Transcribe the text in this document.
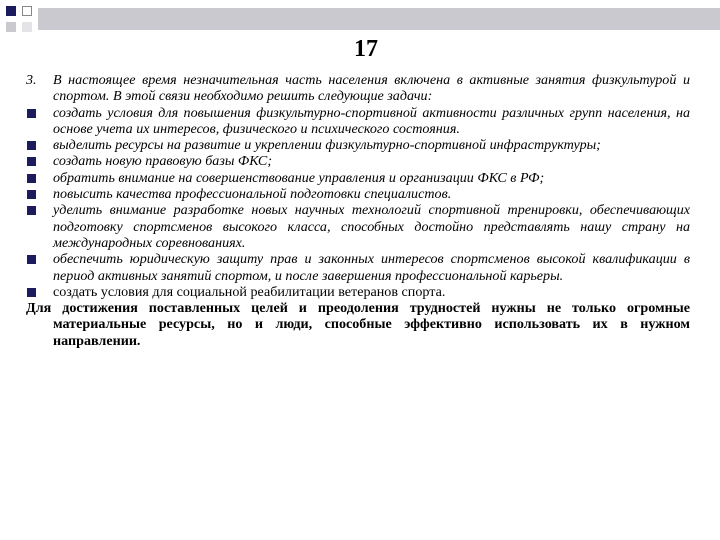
17
3. В настоящее время незначительная часть населения включена в активные занятия физкультурой и спортом. В этой связи необходимо решить следующие задачи:
создать условия для повышения физкультурно-спортивной активности различных групп населения, на основе учета их интересов, физического и психического состояния.
выделить ресурсы на развитие и укреплении физкультурно-спортивной инфраструктуры;
создать новую правовую базы ФКС;
обратить внимание на совершенствование управления и организации ФКС в РФ;
повысить качества профессиональной подготовки специалистов.
уделить внимание разработке новых научных технологий спортивной тренировки, обеспечивающих подготовку спортсменов высокого класса, способных достойно представлять нашу страну на международных соревнованиях.
обеспечить юридическую защиту прав и законных интересов спортсменов высокой квалификации в период активных занятий спортом, и после завершения профессиональной карьеры.
создать условия для социальной реабилитации ветеранов спорта.
Для достижения поставленных целей и преодоления трудностей нужны не только огромные материальные ресурсы, но и люди, способные эффективно использовать их в нужном направлении.
